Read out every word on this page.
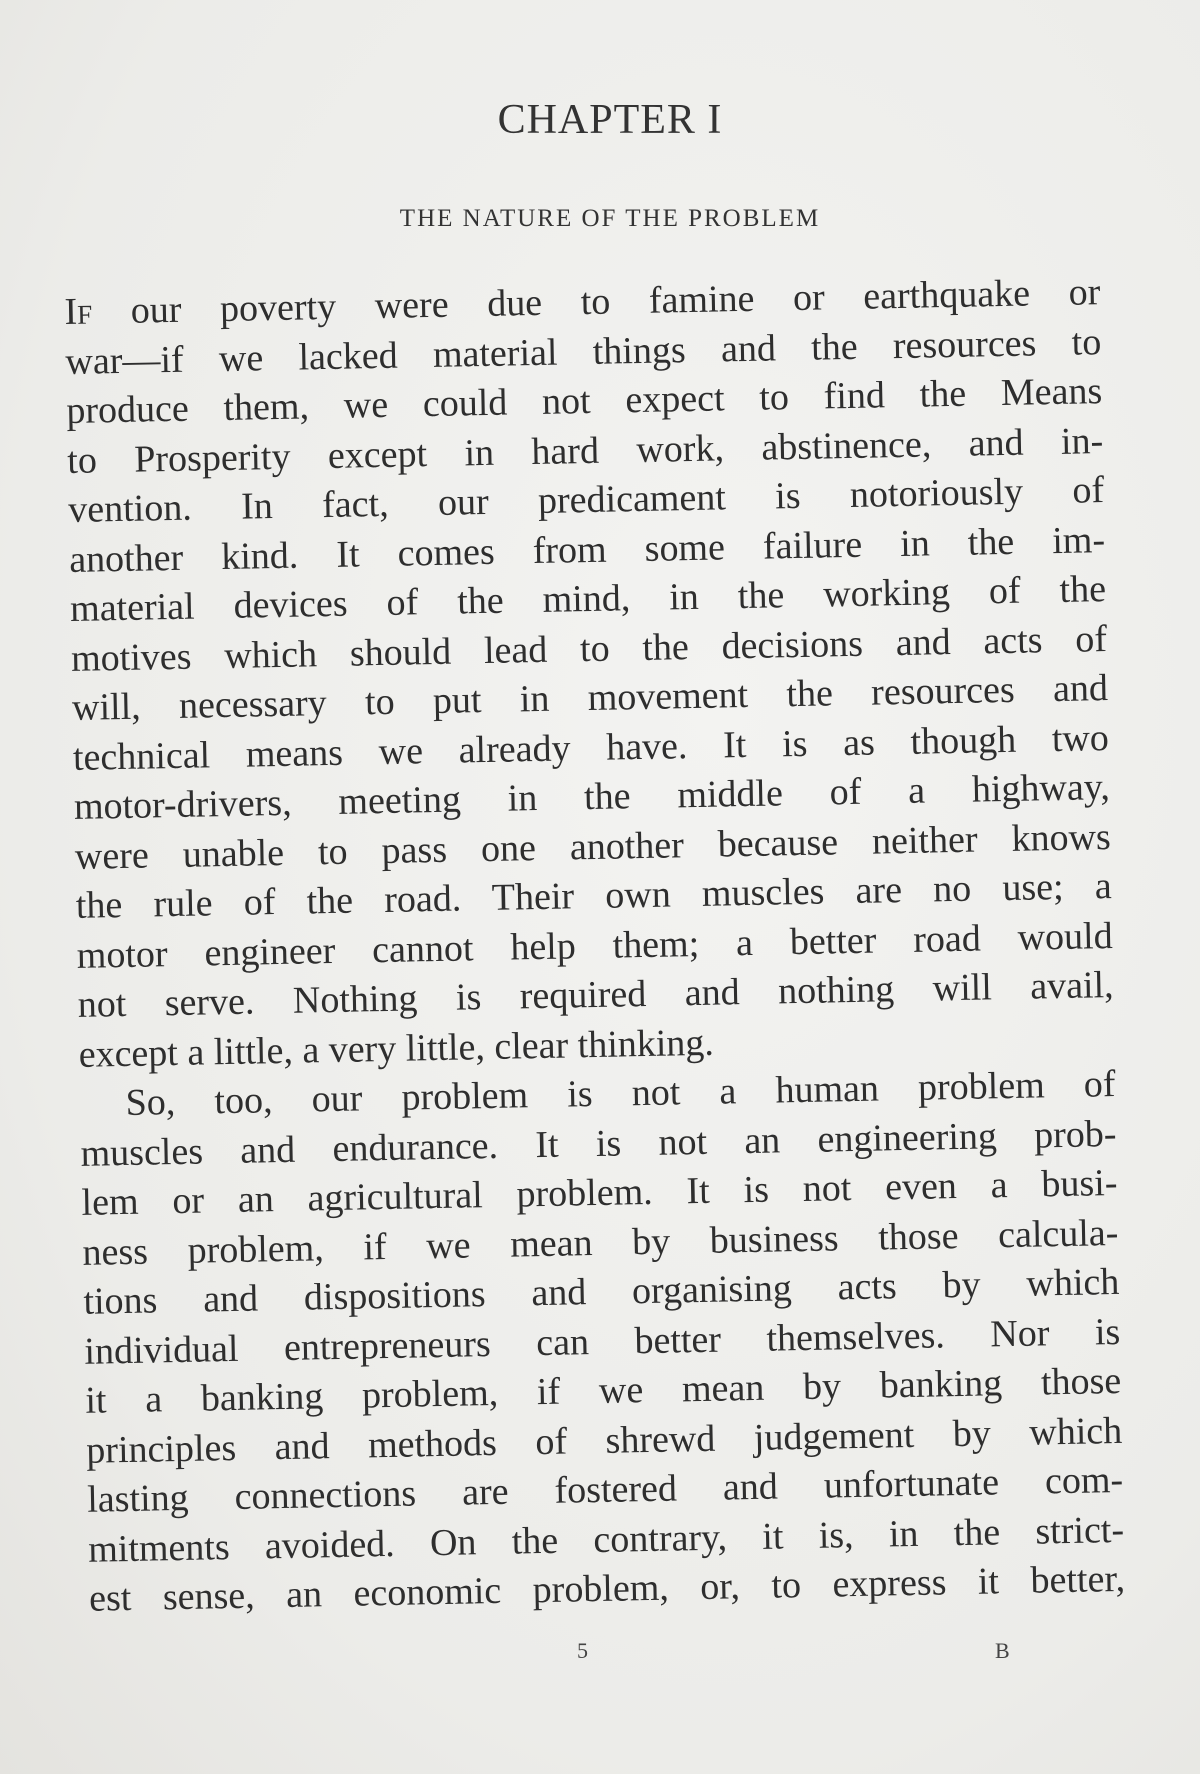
CHAPTER I
THE NATURE OF THE PROBLEM
If our poverty were due to famine or earthquake or
war—if we lacked material things and the resources to
produce them, we could not expect to find the Means
to Prosperity except in hard work, abstinence, and in-
vention. In fact, our predicament is notoriously of
another kind. It comes from some failure in the im-
material devices of the mind, in the working of the
motives which should lead to the decisions and acts of
will, necessary to put in movement the resources and
technical means we already have. It is as though two
motor-drivers, meeting in the middle of a highway,
were unable to pass one another because neither knows
the rule of the road. Their own muscles are no use; a
motor engineer cannot help them; a better road would
not serve. Nothing is required and nothing will avail,
except a little, a very little, clear thinking.
So, too, our problem is not a human problem of
muscles and endurance. It is not an engineering prob-
lem or an agricultural problem. It is not even a busi-
ness problem, if we mean by business those calcula-
tions and dispositions and organising acts by which
individual entrepreneurs can better themselves. Nor is
it a banking problem, if we mean by banking those
principles and methods of shrewd judgement by which
lasting connections are fostered and unfortunate com-
mitments avoided. On the contrary, it is, in the strict-
est sense, an economic problem, or, to express it better,
5	B
